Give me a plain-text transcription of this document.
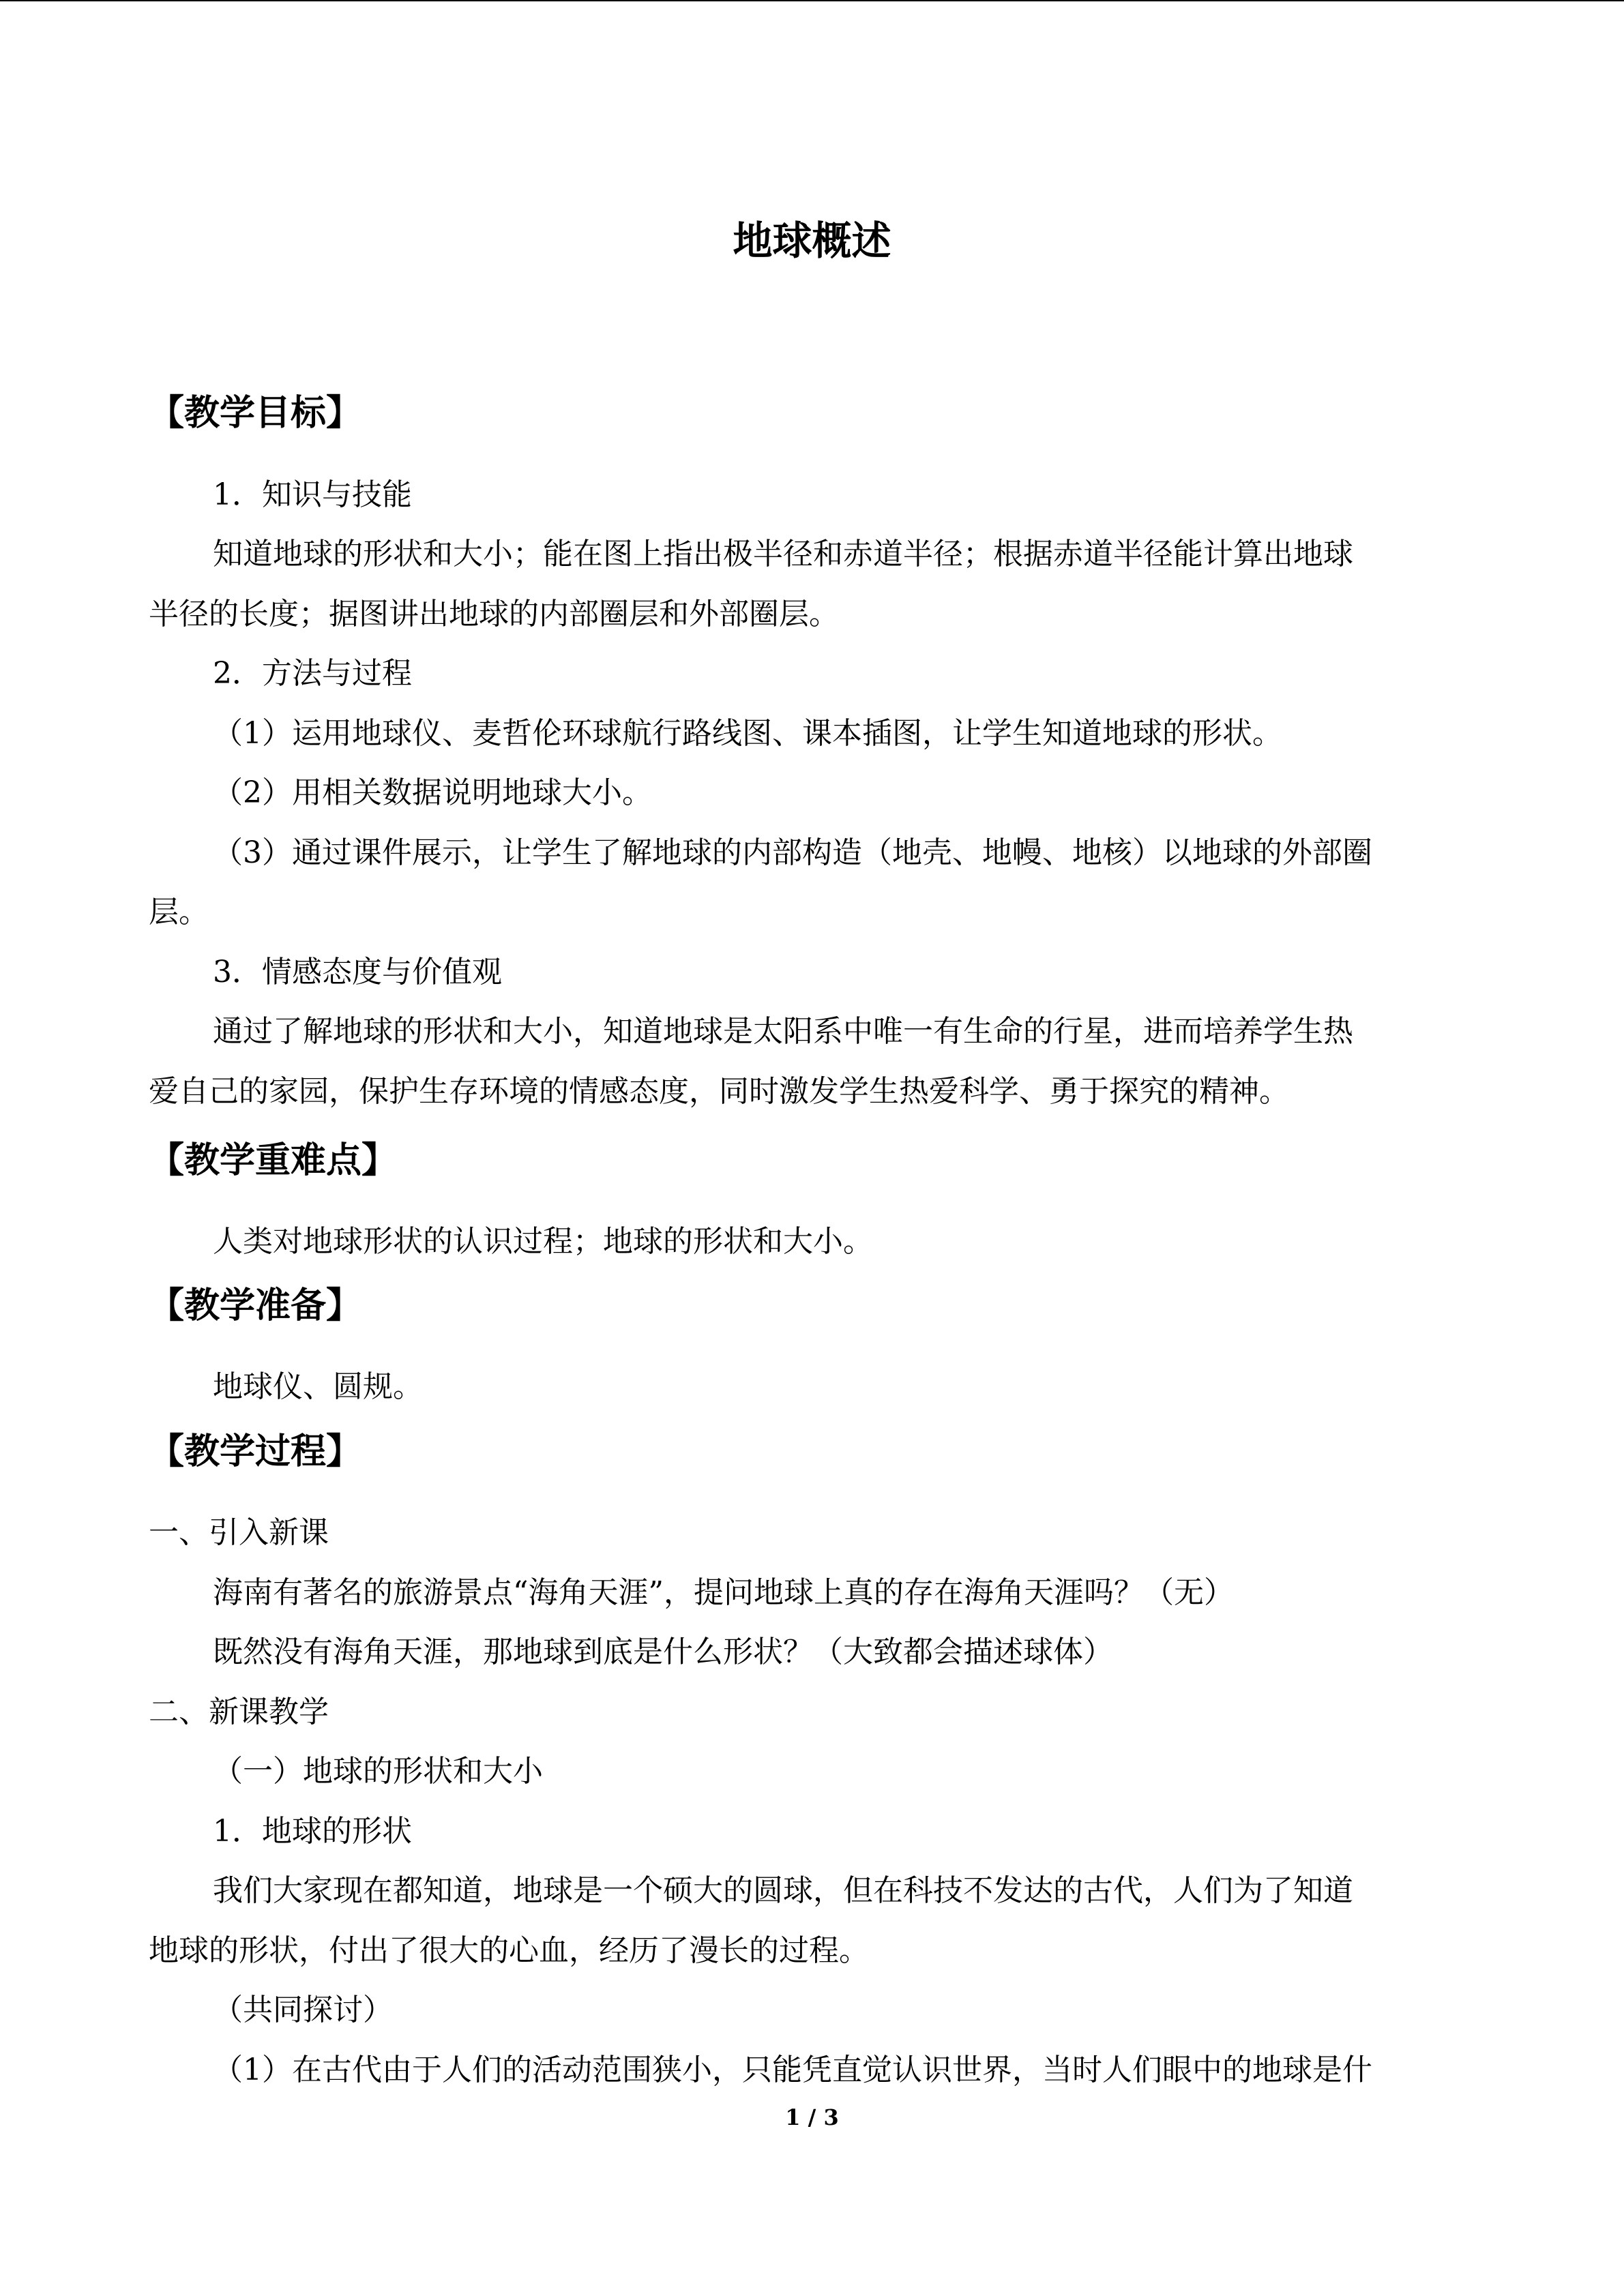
地球概述
【教学目标】
1．知识与技能
知道地球的形状和大小；能在图上指出极半径和赤道半径；根据赤道半径能计算出地球
半径的长度；据图讲出地球的内部圈层和外部圈层。
2．方法与过程
（1）运用地球仪、麦哲伦环球航行路线图、课本插图，让学生知道地球的形状。
（2）用相关数据说明地球大小。
（3）通过课件展示，让学生了解地球的内部构造（地壳、地幔、地核）以地球的外部圈
层。
3．情感态度与价值观
通过了解地球的形状和大小，知道地球是太阳系中唯一有生命的行星，进而培养学生热
爱自己的家园，保护生存环境的情感态度，同时激发学生热爱科学、勇于探究的精神。
【教学重难点】
人类对地球形状的认识过程；地球的形状和大小。
【教学准备】
地球仪、圆规。
【教学过程】
一、引入新课
海南有著名的旅游景点“海角天涯”，提问地球上真的存在海角天涯吗？（无）
既然没有海角天涯，那地球到底是什么形状？（大致都会描述球体）
二、新课教学
（一）地球的形状和大小
1．地球的形状
我们大家现在都知道，地球是一个硕大的圆球，但在科技不发达的古代，人们为了知道
地球的形状，付出了很大的心血，经历了漫长的过程。
（共同探讨）
（1）在古代由于人们的活动范围狭小，只能凭直觉认识世界，当时人们眼中的地球是什
1 / 3
